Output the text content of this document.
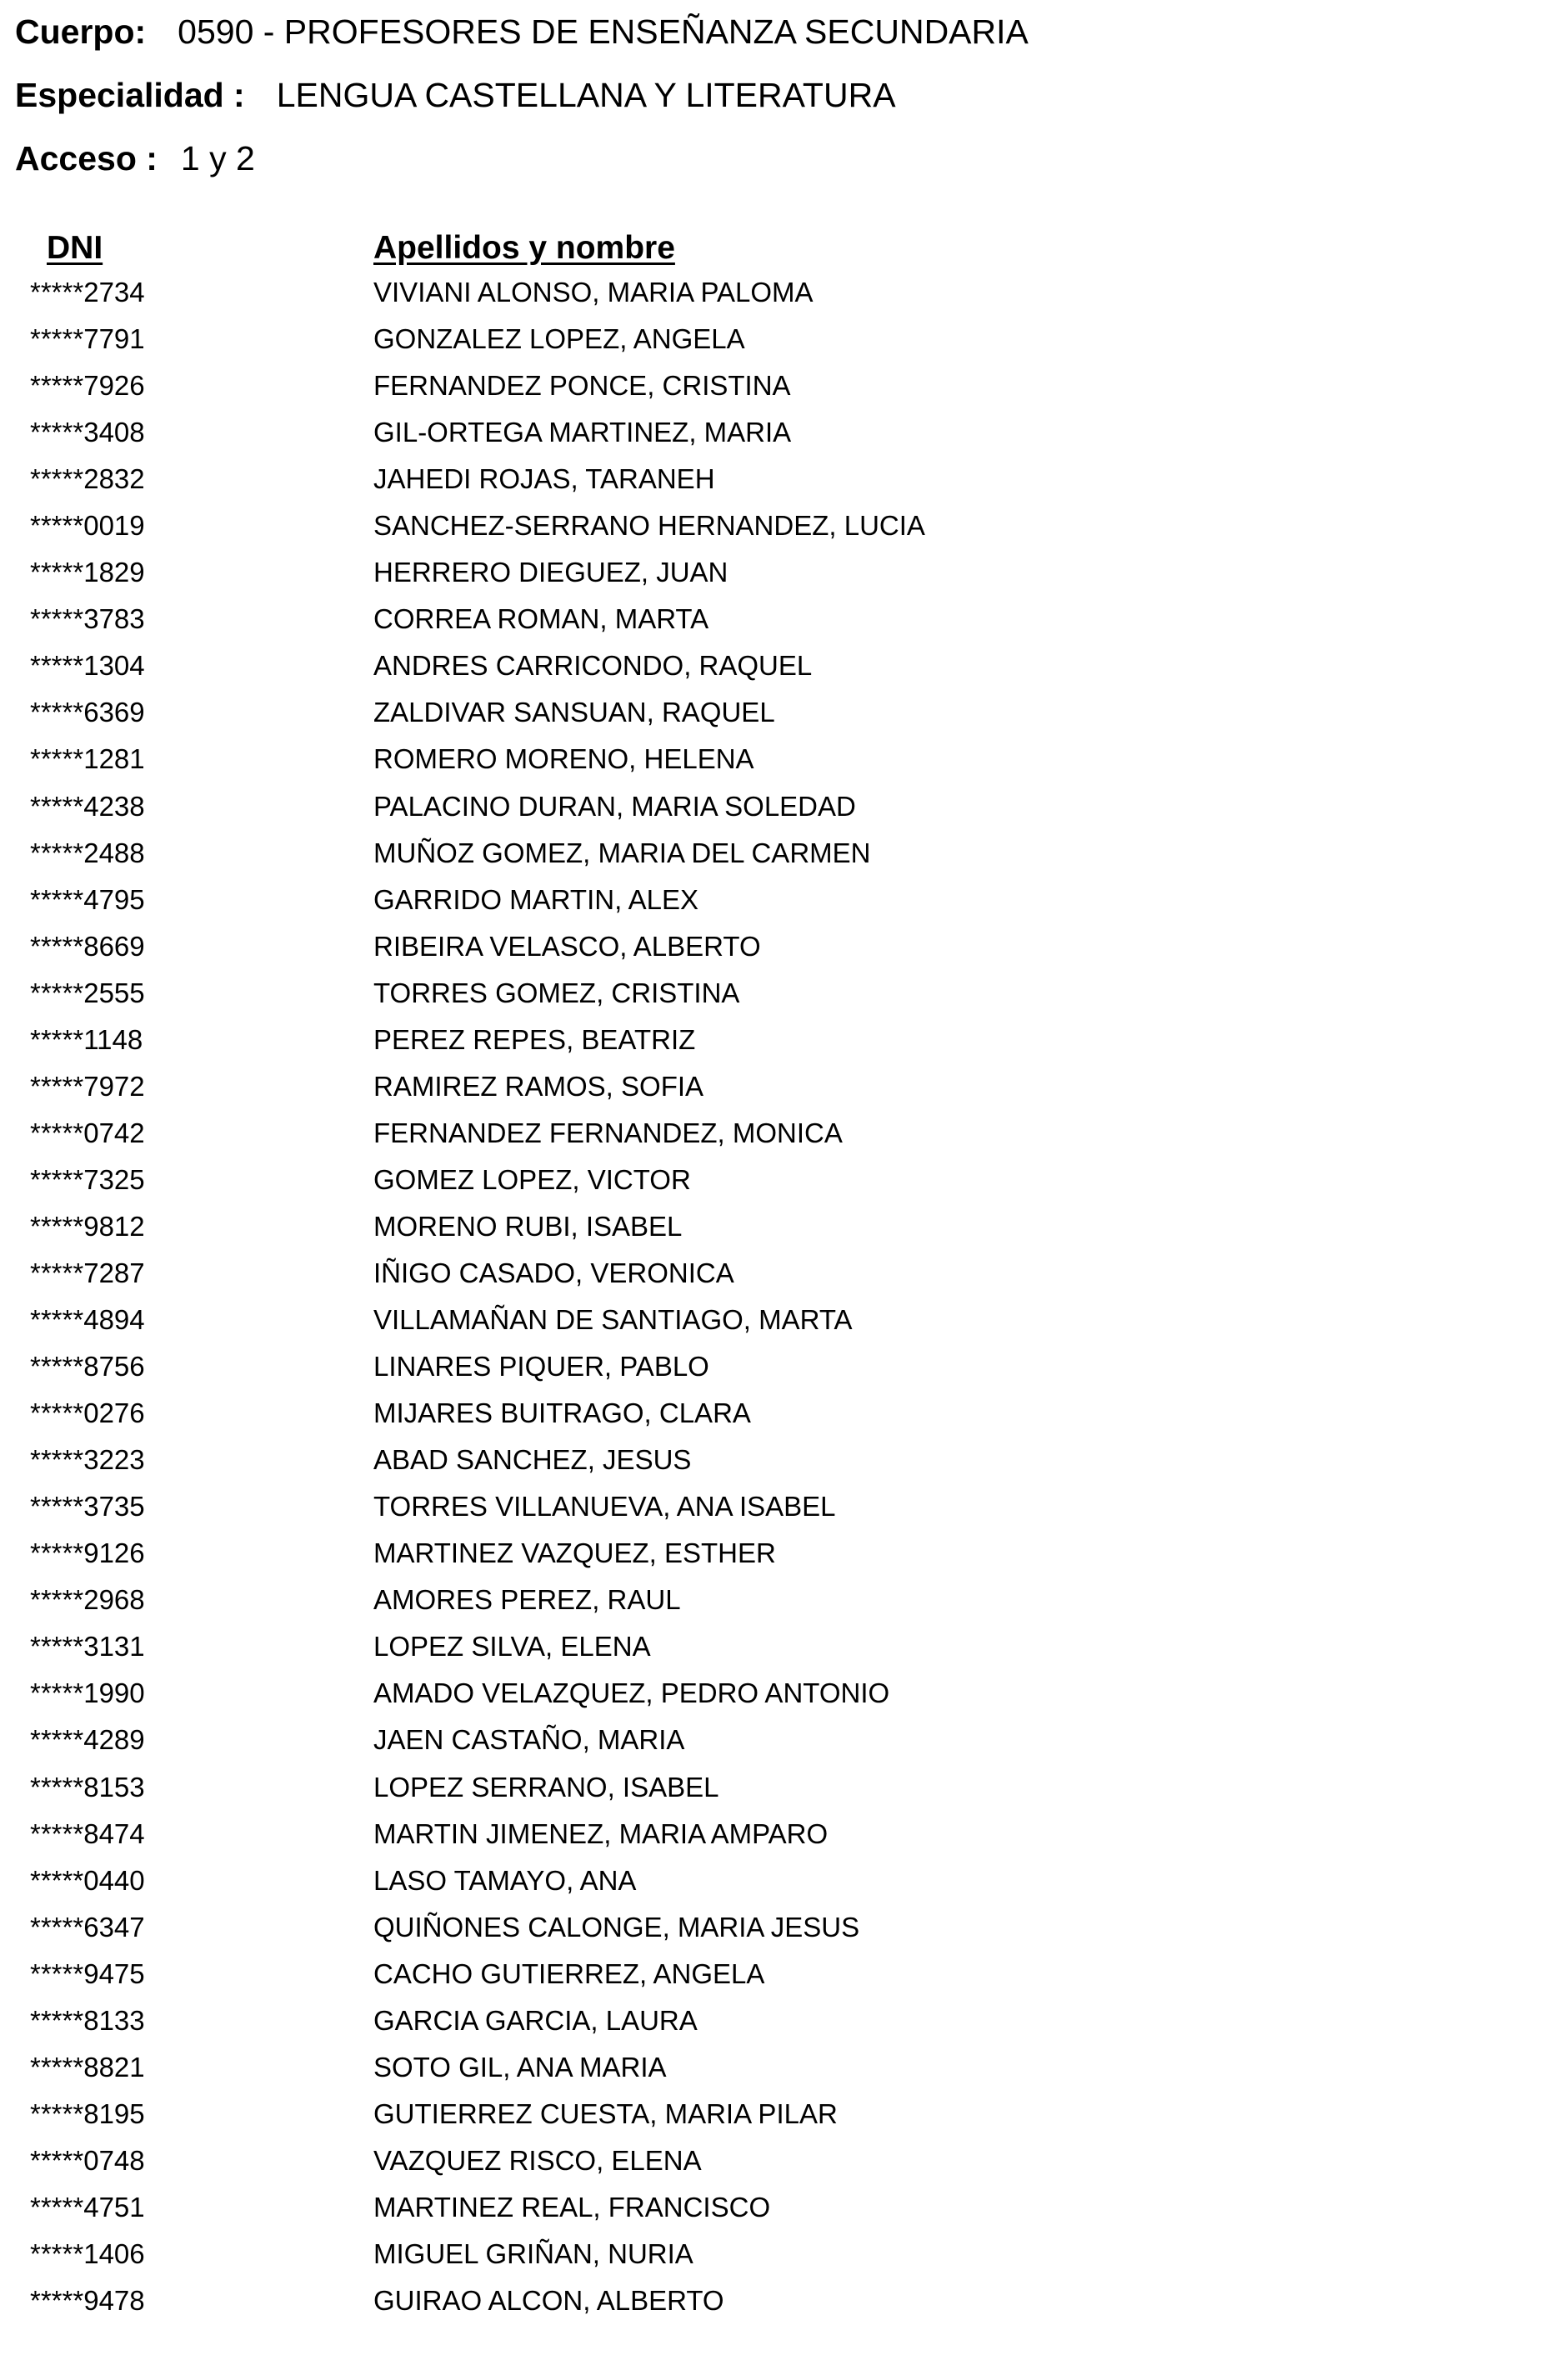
Cuerpo: 0590 - PROFESORES DE ENSEÑANZA SECUNDARIA
Especialidad : LENGUA CASTELLANA Y LITERATURA
Acceso : 1 y 2
DNI	Apellidos y nombre
*****2734	VIVIANI ALONSO, MARIA PALOMA
*****7791	GONZALEZ LOPEZ, ANGELA
*****7926	FERNANDEZ PONCE, CRISTINA
*****3408	GIL-ORTEGA MARTINEZ, MARIA
*****2832	JAHEDI ROJAS, TARANEH
*****0019	SANCHEZ-SERRANO HERNANDEZ, LUCIA
*****1829	HERRERO DIEGUEZ, JUAN
*****3783	CORREA ROMAN, MARTA
*****1304	ANDRES CARRICONDO, RAQUEL
*****6369	ZALDIVAR SANSUAN, RAQUEL
*****1281	ROMERO MORENO, HELENA
*****4238	PALACINO DURAN, MARIA SOLEDAD
*****2488	MUÑOZ GOMEZ, MARIA DEL CARMEN
*****4795	GARRIDO MARTIN, ALEX
*****8669	RIBEIRA VELASCO, ALBERTO
*****2555	TORRES GOMEZ, CRISTINA
*****1148	PEREZ REPES, BEATRIZ
*****7972	RAMIREZ RAMOS, SOFIA
*****0742	FERNANDEZ FERNANDEZ, MONICA
*****7325	GOMEZ LOPEZ, VICTOR
*****9812	MORENO RUBI, ISABEL
*****7287	IÑIGO CASADO, VERONICA
*****4894	VILLAMAÑAN DE SANTIAGO, MARTA
*****8756	LINARES PIQUER, PABLO
*****0276	MIJARES BUITRAGO, CLARA
*****3223	ABAD SANCHEZ, JESUS
*****3735	TORRES VILLANUEVA, ANA ISABEL
*****9126	MARTINEZ VAZQUEZ, ESTHER
*****2968	AMORES PEREZ, RAUL
*****3131	LOPEZ SILVA, ELENA
*****1990	AMADO VELAZQUEZ, PEDRO ANTONIO
*****4289	JAEN CASTAÑO, MARIA
*****8153	LOPEZ SERRANO, ISABEL
*****8474	MARTIN JIMENEZ, MARIA AMPARO
*****0440	LASO TAMAYO, ANA
*****6347	QUIÑONES CALONGE, MARIA JESUS
*****9475	CACHO GUTIERREZ, ANGELA
*****8133	GARCIA GARCIA, LAURA
*****8821	SOTO GIL, ANA MARIA
*****8195	GUTIERREZ CUESTA, MARIA PILAR
*****0748	VAZQUEZ RISCO, ELENA
*****4751	MARTINEZ REAL, FRANCISCO
*****1406	MIGUEL GRIÑAN, NURIA
*****9478	GUIRAO ALCON, ALBERTO
